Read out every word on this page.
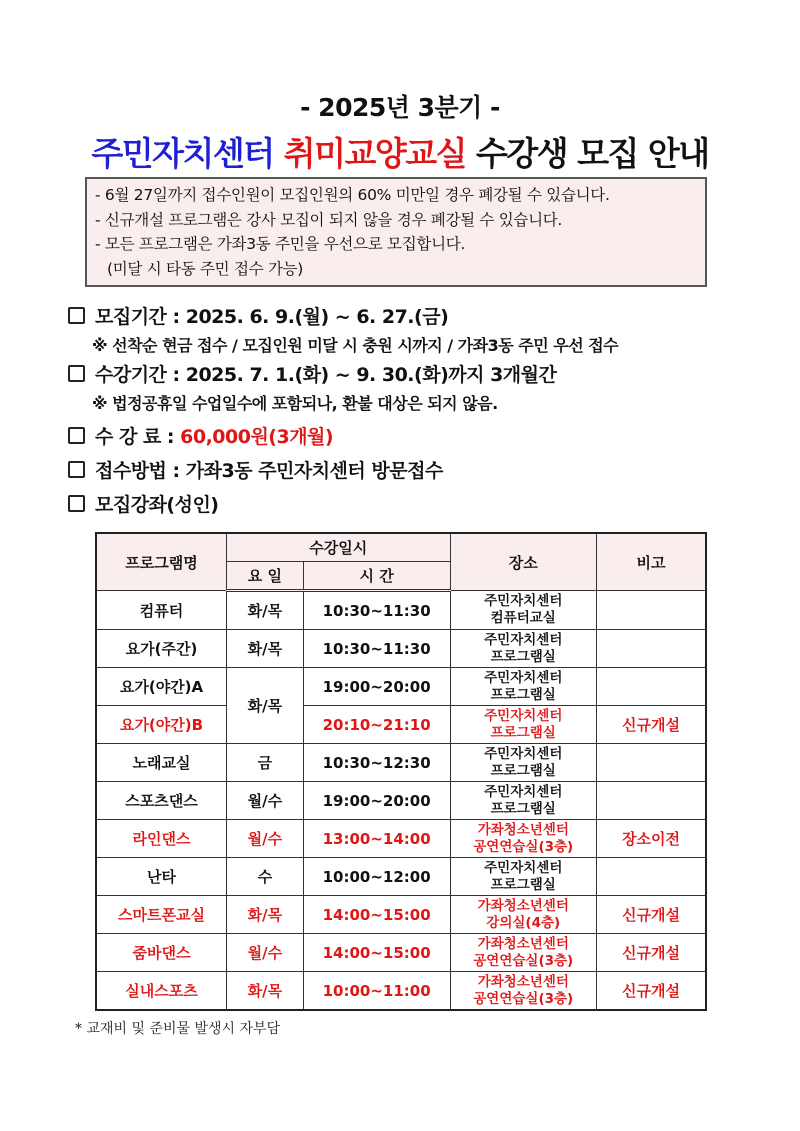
- 2025년 3분기 -
주민자치센터 취미교양교실 수강생 모집 안내
- 6월 27일까지 접수인원이 모집인원의 60% 미만일 경우 폐강될 수 있습니다.
- 신규개설 프로그램은 강사 모집이 되지 않을 경우 폐강될 수 있습니다.
- 모든 프로그램은 가좌3동 주민을 우선으로 모집합니다.
(미달 시 타동 주민 접수 가능)
모집기간 : 2025. 6. 9.(월) ~ 6. 27.(금)
※ 선착순 현금 접수 / 모집인원 미달 시 충원 시까지 / 가좌3동 주민 우선 접수
수강기간 : 2025. 7. 1.(화) ~ 9. 30.(화)까지 3개월간
※ 법정공휴일 수업일수에 포함되나, 환불 대상은 되지 않음.
수 강 료 : 60,000원(3개월)
접수방법 : 가좌3동 주민자치센터 방문접수
모집강좌(성인)
프로그램명	수강일시		장소	비고
	요 일	시 간		
컴퓨터	화/목	10:30~11:30	주민자치센터
컴퓨터교실	

요가(주간)	화/목	10:30~11:30	주민자치센터
프로그램실	

요가(야간)A	화/목	19:00~20:00	주민자치센터
프로그램실	

요가(야간)B		20:10~21:10	주민자치센터
프로그램실	신규개설
노래교실	금	10:30~12:30	주민자치센터
프로그램실	

스포츠댄스	월/수	19:00~20:00	주민자치센터
프로그램실	

라인댄스	월/수	13:00~14:00	가좌청소년센터
공연연습실(3층)	장소이전
난타	수	10:00~12:00	주민자치센터
프로그램실	

스마트폰교실	화/목	14:00~15:00	가좌청소년센터
강의실(4층)	신규개설
줌바댄스	월/수	14:00~15:00	가좌청소년센터
공연연습실(3층)	신규개설
실내스포츠	화/목	10:00~11:00	가좌청소년센터
공연연습실(3층)	신규개설
* 교재비 및 준비물 발생시 자부담
